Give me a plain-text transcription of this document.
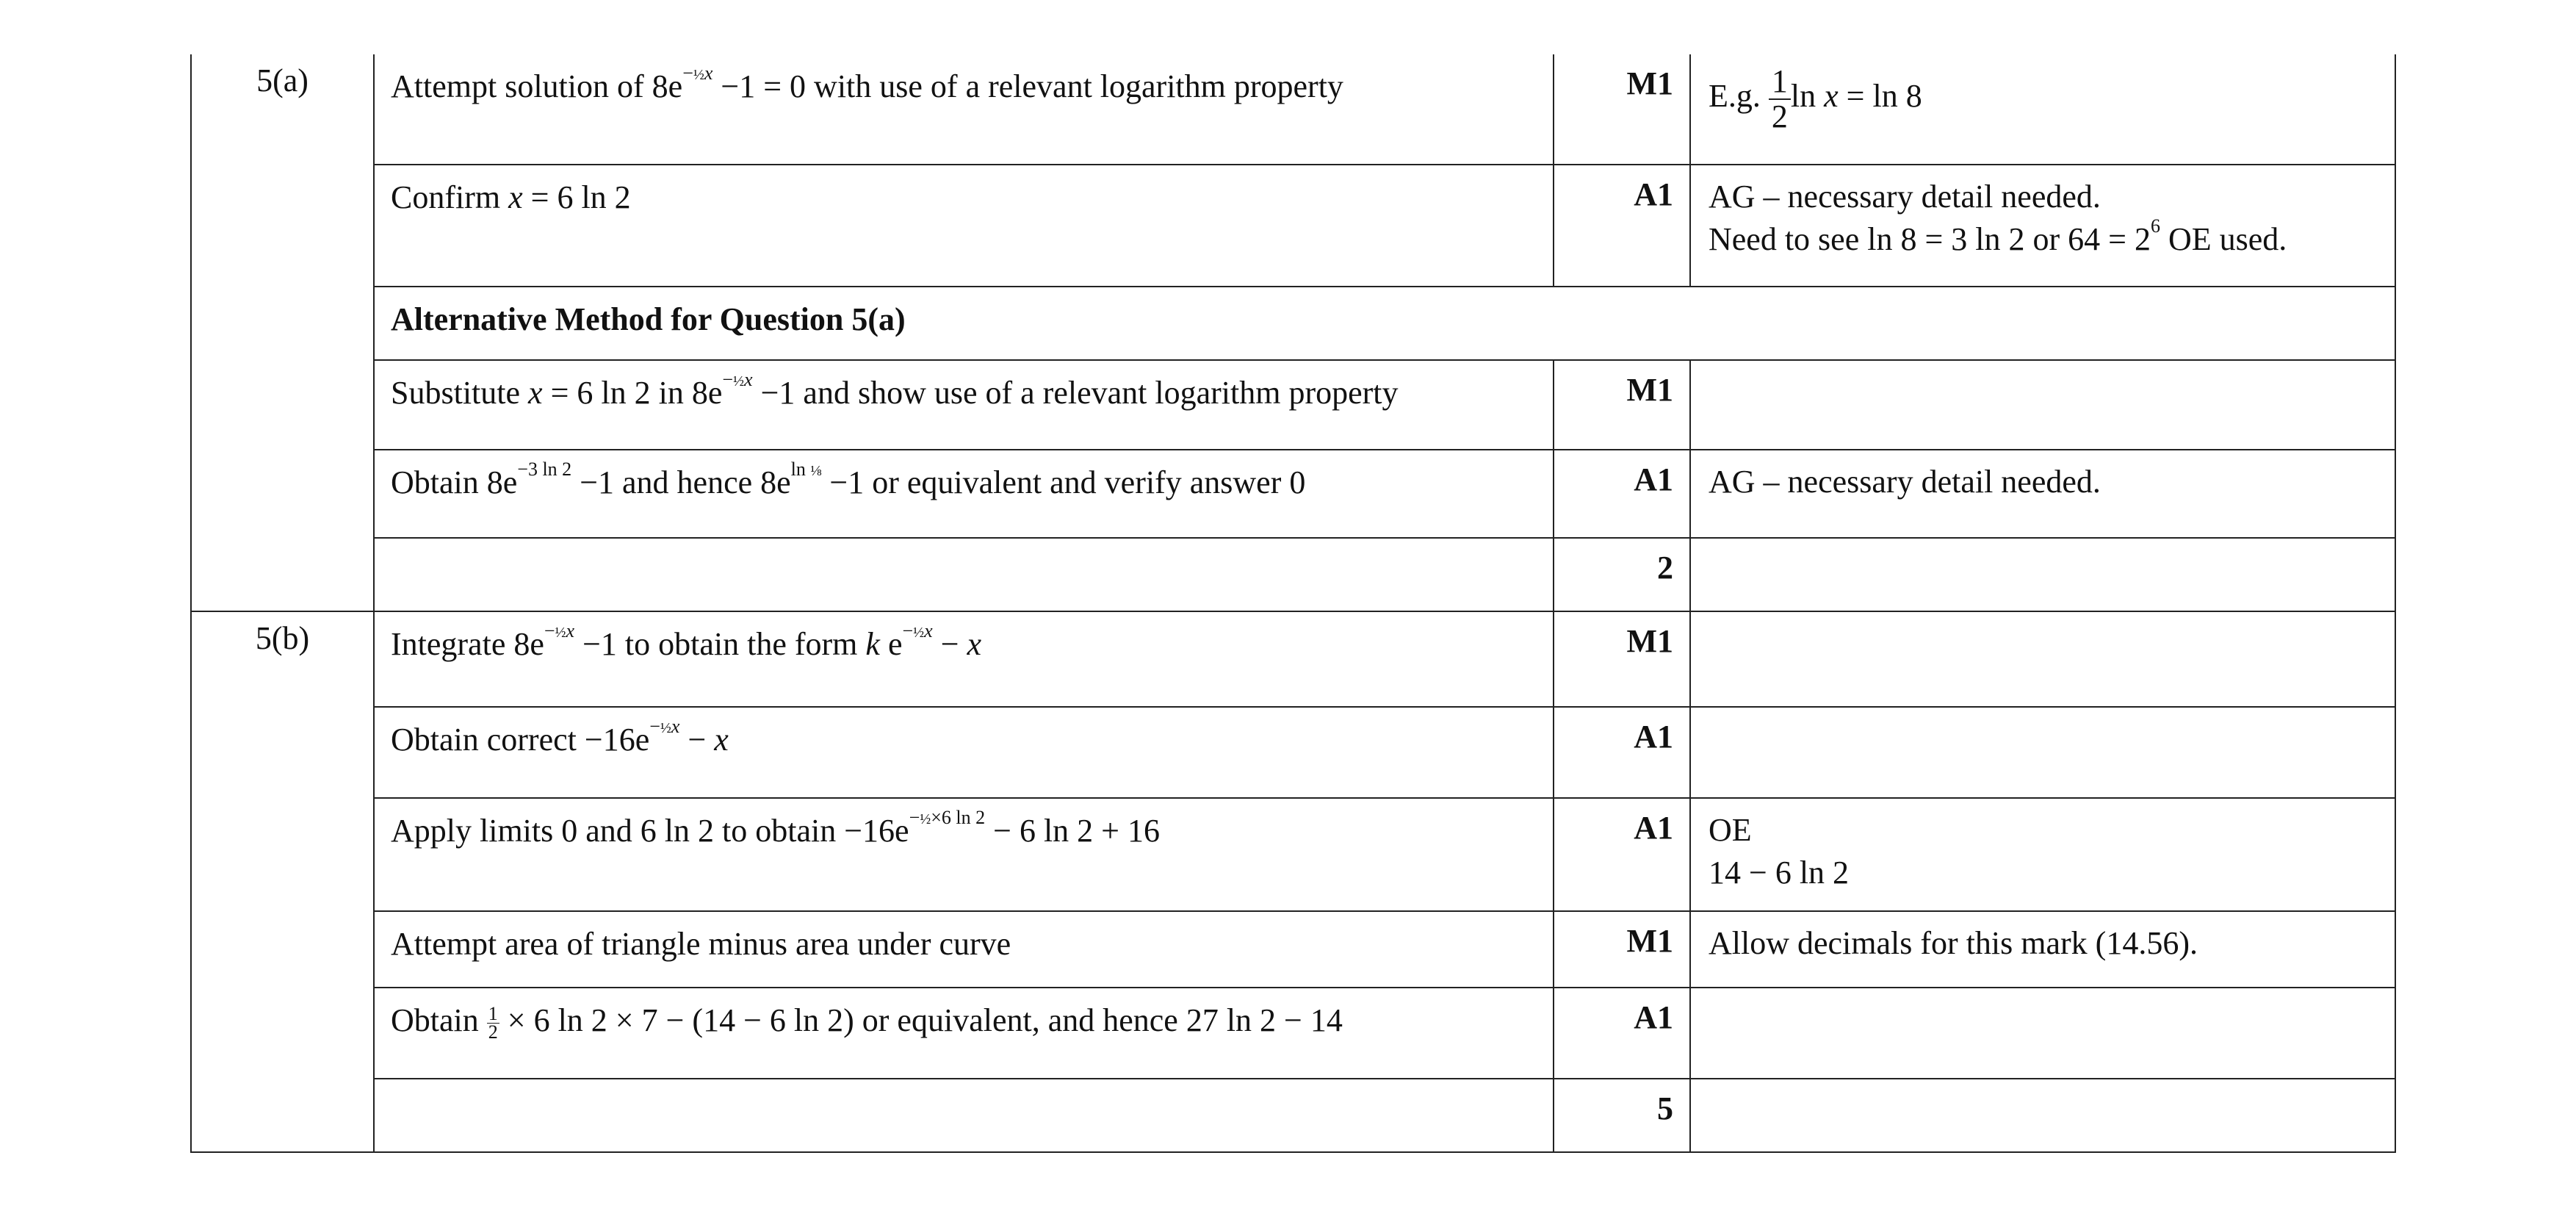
5(a)	Attempt solution of $8e^{-\frac{1}{2}x} -1 = 0$ with use of a relevant logarithm property	M1	E.g. $\frac{1}{2}$ ln x = ln 8
	Confirm x = 6 ln 2	A1	AG – necessary detail needed.
Need to see ln 8 = 3 ln 2 or $64 = 2^6$ OE used.

	Alternative Method for Question 5(a)		
	Substitute x = 6 ln 2 in $8e^{-\frac{1}{2}x} -1$ and show use of a relevant logarithm property	M1	
	Obtain $8e^{-3 ln 2} -1$ and hence $8e^{ln \frac{1}{8}} -1$ or equivalent and verify answer 0	A1	AG – necessary detail needed.
		2	
5(b)	Integrate $8e^{-\frac{1}{2}x} -1$ to obtain the form k $e^{-\frac{1}{2}x} - x$	M1	
	Obtain correct $-16e^{-\frac{1}{2}x} - x$	A1	
	Apply limits 0 and 6 ln 2 to obtain $-16e^{-\frac{1}{2}\times 6 ln 2} - 6$ ln 2 + 16	A1	OE
14 − 6 ln 2

	Attempt area of triangle minus area under curve	M1	Allow decimals for this mark (14.56).
	Obtain $\frac{1}{2} \times 6$ ln 2 × 7 − (14 − 6 ln 2) or equivalent, and hence 27 ln 2 − 14	A1	
		5	
